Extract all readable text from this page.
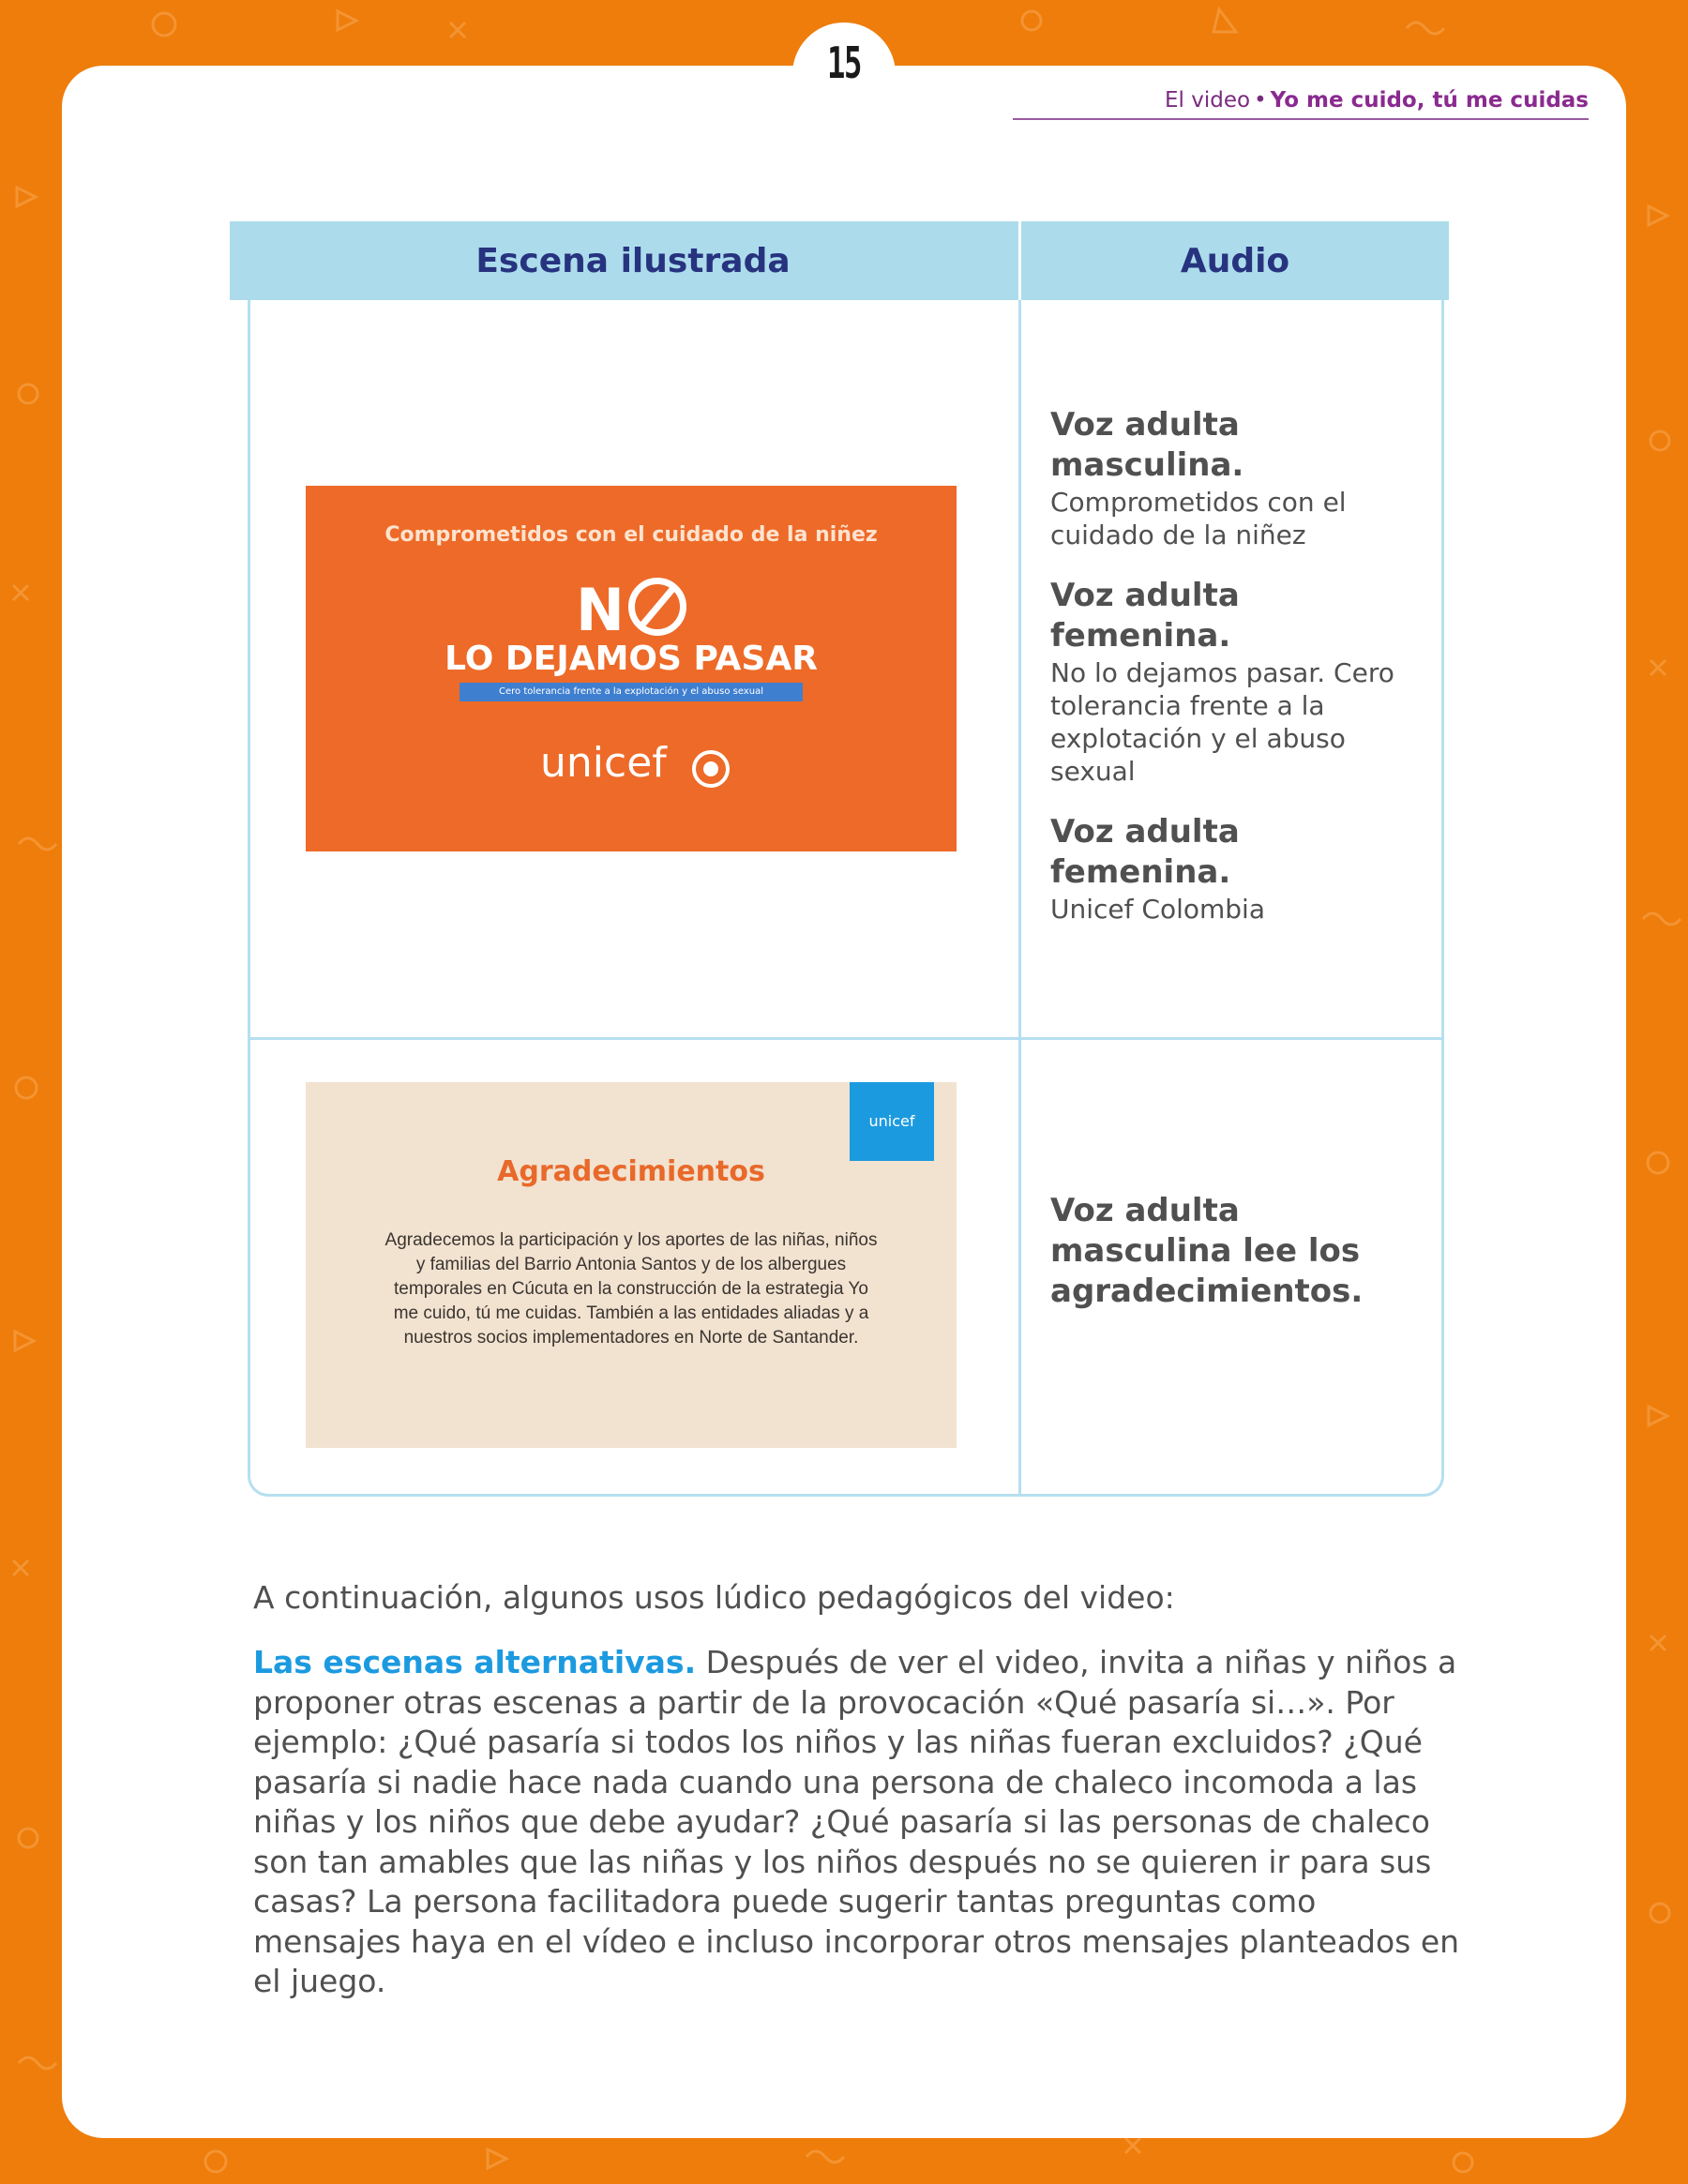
15
El video • Yo me cuido, tú me cuidas
Escena ilustrada	Audio
Comprometidos con el cuidado de la niñez
N
LO DEJAMOS PASAR
Cero tolerancia frente a la explotación y el abuso sexual
unicef
Voz adulta masculina.
Comprometidos con el cuidado de la niñez
Voz adulta femenina.
No lo dejamos pasar. Cero tolerancia frente a la explotación y el abuso sexual
Voz adulta femenina.
Unicef Colombia
unicef
Agradecimientos
Agradecemos la participación y los aportes de las niñas, niños y familias del Barrio Antonia Santos y de los albergues temporales en Cúcuta en la construcción de la estrategia Yo me cuido, tú me cuidas. También a las entidades aliadas y a nuestros socios implementadores en Norte de Santander.
Voz adulta masculina lee los agradecimientos.
A continuación, algunos usos lúdico pedagógicos del video:
Las escenas alternativas. Después de ver el video, invita a niñas y niños a proponer otras escenas a partir de la provocación «Qué pasaría si…». Por ejemplo: ¿Qué pasaría si todos los niños y las niñas fueran excluidos? ¿Qué pasaría si nadie hace nada cuando una persona de chaleco incomoda a las niñas y los niños que debe ayudar? ¿Qué pasaría si las personas de chaleco son tan amables que las niñas y los niños después no se quieren ir para sus casas? La persona facilitadora puede sugerir tantas preguntas como mensajes haya en el vídeo e incluso incorporar otros mensajes planteados en el juego.
